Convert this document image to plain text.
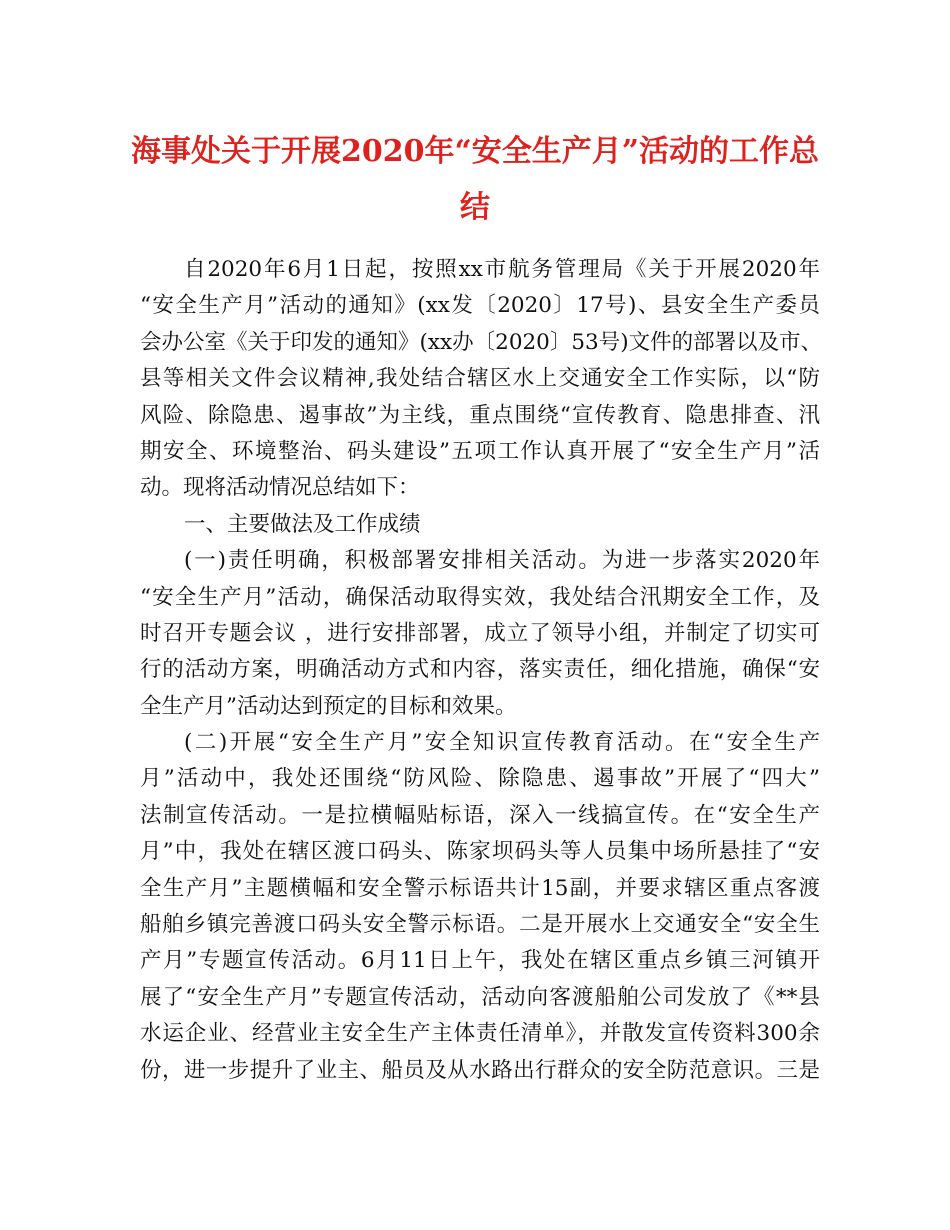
海事处关于开展2020年“安全生产月”活动的工作总
结
自2020年6月1日起，按照xx市航务管理局《关于开展2020年
“安全生产月”活动的通知》(xx发〔2020〕17号)、县安全生产委员
会办公室《关于印发的通知》(xx办〔2020〕53号)文件的部署以及市、
县等相关文件会议精神,我处结合辖区水上交通安全工作实际，以“防
风险、除隐患、遏事故”为主线，重点围绕“宣传教育、隐患排查、汛
期安全、环境整治、码头建设”五项工作认真开展了“安全生产月”活
动。现将活动情况总结如下：
一、主要做法及工作成绩
(一)责任明确，积极部署安排相关活动。为进一步落实2020年
“安全生产月”活动，确保活动取得实效，我处结合汛期安全工作，及
时召开专题会议 ，进行安排部署，成立了领导小组，并制定了切实可
行的活动方案，明确活动方式和内容，落实责任，细化措施，确保“安
全生产月”活动达到预定的目标和效果。
(二)开展“安全生产月”安全知识宣传教育活动。在“安全生产
月”活动中，我处还围绕“防风险、除隐患、遏事故”开展了“四大”
法制宣传活动。一是拉横幅贴标语，深入一线搞宣传。在“安全生产
月”中，我处在辖区渡口码头、陈家坝码头等人员集中场所悬挂了“安
全生产月”主题横幅和安全警示标语共计15副，并要求辖区重点客渡
船舶乡镇完善渡口码头安全警示标语。二是开展水上交通安全“安全生
产月”专题宣传活动。6月11日上午，我处在辖区重点乡镇三河镇开
展了“安全生产月”专题宣传活动，活动向客渡船舶公司发放了《**县
水运企业、经营业主安全生产主体责任清单》，并散发宣传资料300余
份，进一步提升了业主、船员及从水路出行群众的安全防范意识。三是
